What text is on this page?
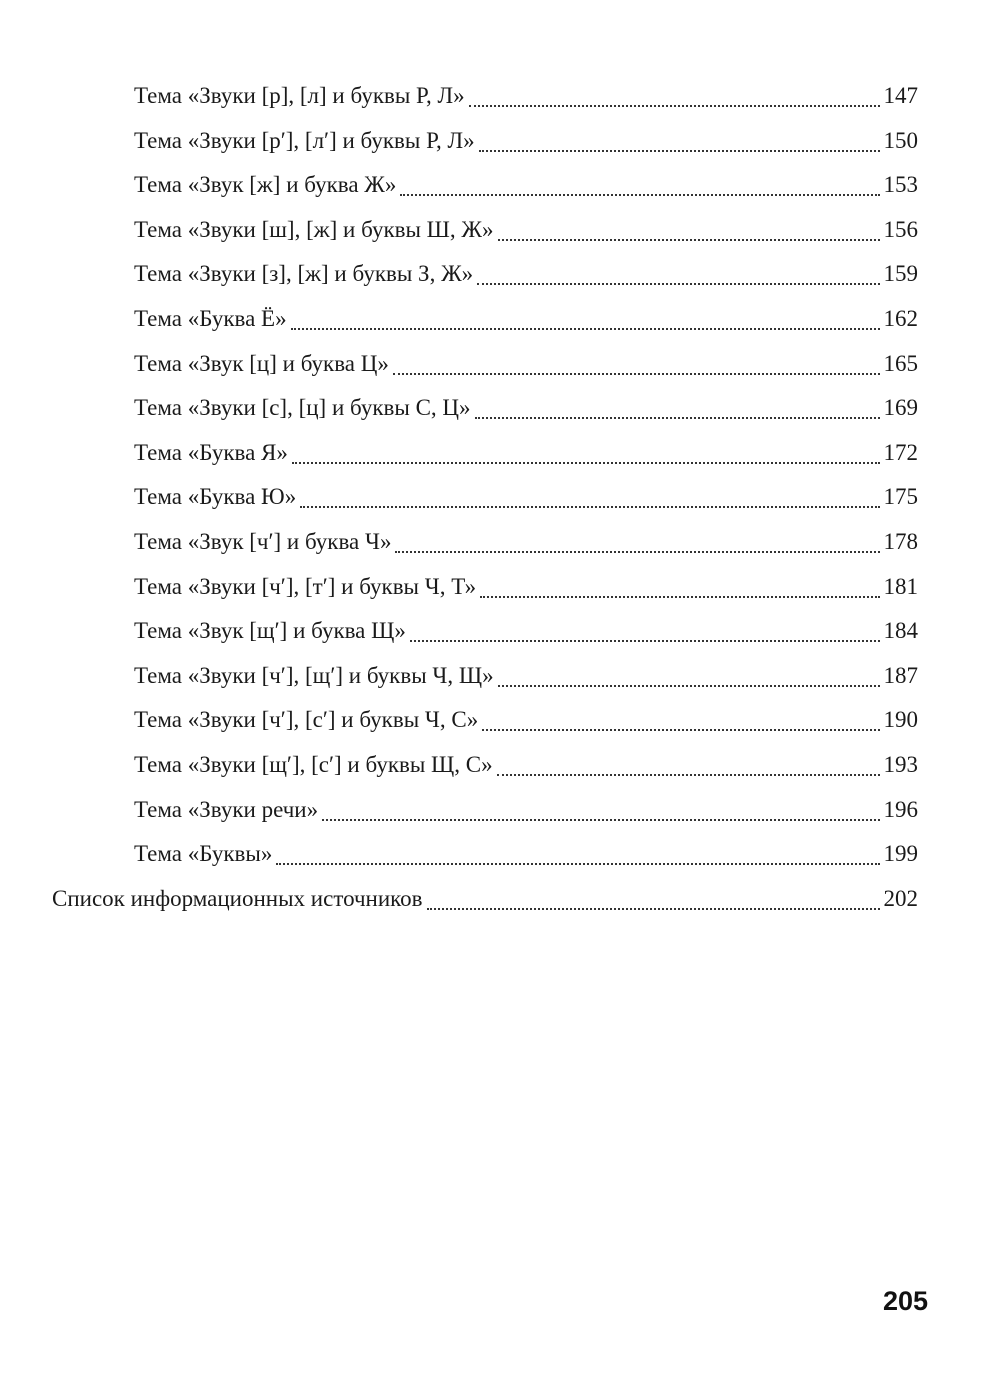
Тема «Звуки [р], [л] и буквы Р, Л»	147
Тема «Звуки [р′], [л′] и буквы Р, Л»	150
Тема «Звук [ж] и буква Ж»	153
Тема «Звуки [ш], [ж] и буквы Ш, Ж»	156
Тема «Звуки [з], [ж] и буквы З, Ж»	159
Тема «Буква Ё»	162
Тема «Звук [ц] и буква Ц»	165
Тема «Звуки [с], [ц] и буквы С, Ц»	169
Тема «Буква Я»	172
Тема «Буква Ю»	175
Тема «Звук [ч′] и буква Ч»	178
Тема «Звуки [ч′], [т′] и буквы Ч, Т»	181
Тема «Звук [щ′] и буква Щ»	184
Тема «Звуки [ч′], [щ′] и буквы Ч, Щ»	187
Тема «Звуки [ч′], [с′] и буквы Ч, С»	190
Тема «Звуки [щ′], [с′] и буквы Щ, С»	193
Тема «Звуки речи»	196
Тема «Буквы»	199
Список информационных источников	202
205
